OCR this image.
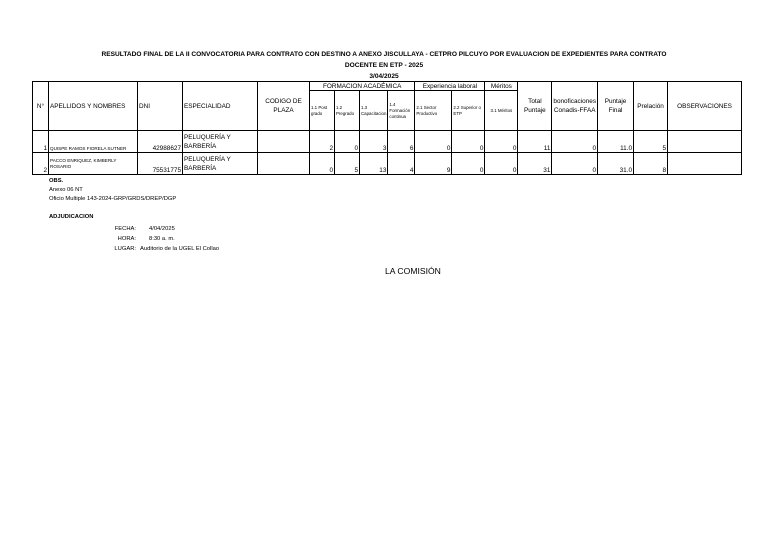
RESULTADO FINAL DE LA II CONVOCATORIA PARA CONTRATO CON DESTINO A ANEXO JISCULLAYA - CETPRO PILCUYO POR EVALUACION DE EXPEDIENTES PARA CONTRATO
DOCENTE EN ETP - 2025
3/04/2025
N°	APELLIDOS Y NOMBRES	DNI	ESPECIALIDAD	CODIGO DE PLAZA	FORMACION ACADÉMICA				Experiencia laboral		Méritos	Total Puntaje	bonoficaciones Conadis-FFAA	Puntaje Final	Prelación	OBSERVACIONES
					1.1 Post grado	1.2 Pregrado	1.3 Capacitacion	1.4 Formación continua	2.1 Sector Productivo	2.2 Superior o ETP	3.1 Méritos					
1	QUISPE RAMOS FIORELA SUTNER	42988627	PELUQUERÍA Y BARBERÍA		2	0	3	6	0	0	0	11	0	11.0	5	
2	PACCO ENRIQUEZ, KIMBERLY ROSARIO	75531775	PELUQUERÍA Y BARBERÍA		0	5	13	4	9	0	0	31	0	31.0	8	
OBS.
Anexo 06 NT
Oficio Multiple 143-2024-GRP/GRDS/DREP/DGP
ADJUDICACION
FECHA: 4/04/2025
HORA: 8:30 a. m.
LUGAR: Auditorio de la UGEL El Collao
LA COMISIÓN
